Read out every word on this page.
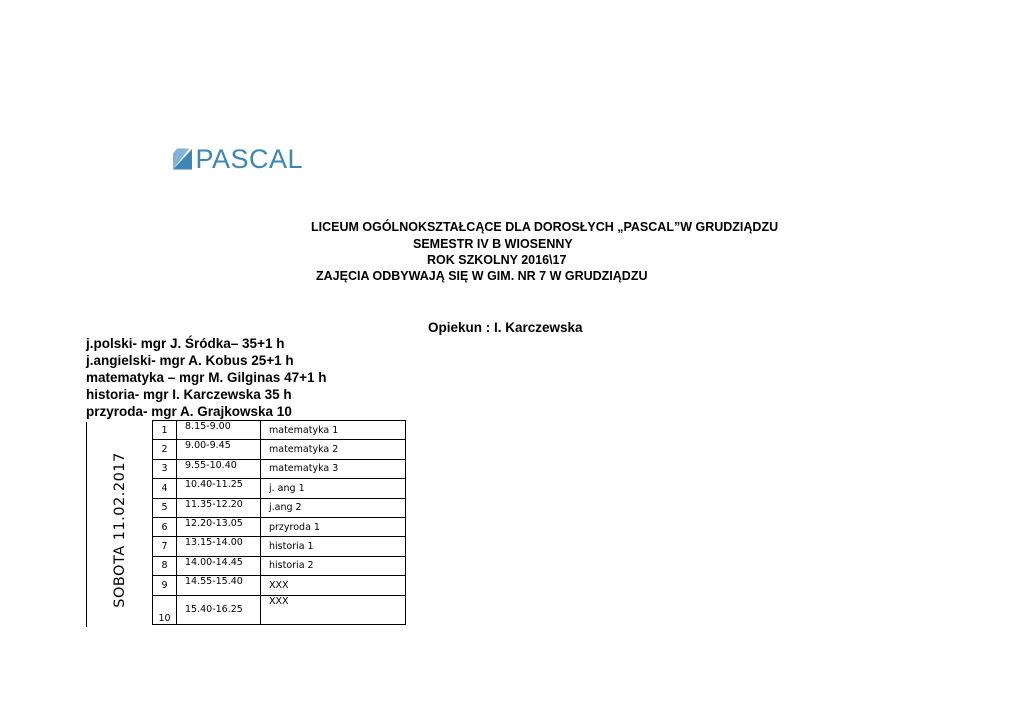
PASCAL
LICEUM OGÓLNOKSZTAŁCĄCE DLA DOROSŁYCH „PASCAL”W GRUDZIĄDZU
SEMESTR IV B WIOSENNY
ROK SZKOLNY 2016\17
ZAJĘCIA ODBYWAJĄ SIĘ W GIM. NR 7 W GRUDZIĄDZU
Opiekun : I. Karczewska
j.polski- mgr J. Śródka– 35+1 h
j.angielski- mgr A. Kobus 25+1 h
matematyka – mgr M. Gilginas 47+1 h
historia- mgr I. Karczewska 35 h
przyroda- mgr A. Grajkowska 10
SOBOTA 11.02.2017
1	8.15-9.00	matematyka 1
2	9.00-9.45	matematyka 2
3	9.55-10.40	matematyka 3
4	10.40-11.25	j. ang 1
5	11.35-12.20	j.ang 2
6	12.20-13.05	przyroda 1
7	13.15-14.00	historia 1
8	14.00-14.45	historia 2
9	14.55-15.40	XXX
10	15.40-16.25	XXX
